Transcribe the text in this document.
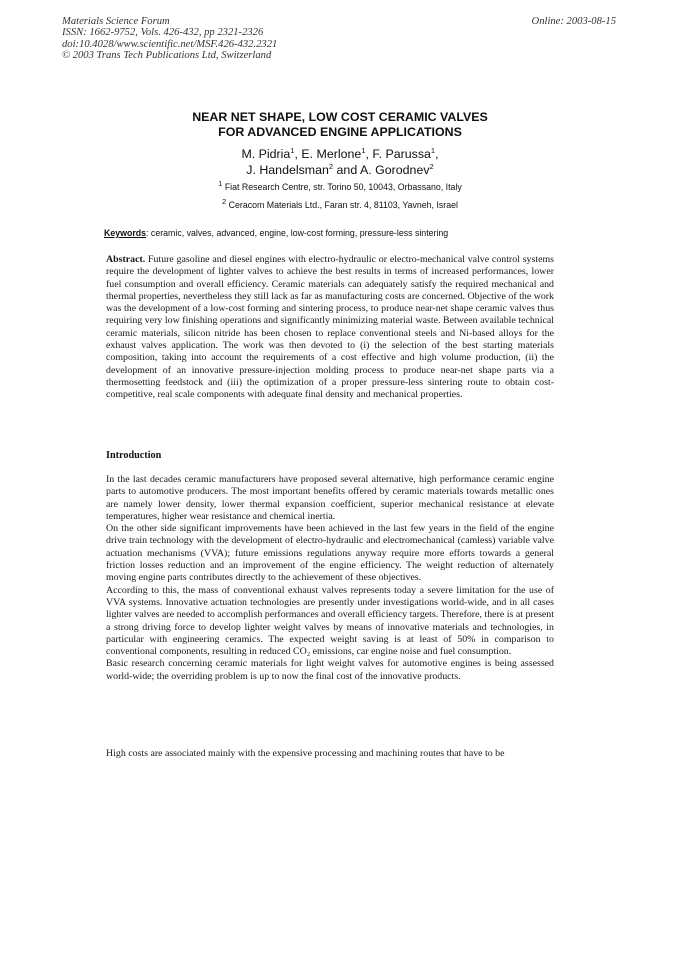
Materials Science Forum
ISSN: 1662-9752, Vols. 426-432, pp 2321-2326
doi:10.4028/www.scientific.net/MSF.426-432.2321
© 2003 Trans Tech Publications Ltd, Switzerland
Online: 2003-08-15
NEAR NET SHAPE, LOW COST CERAMIC VALVES
FOR ADVANCED ENGINE APPLICATIONS
M. Pidria$^1$, E. Merlone$^1$, F. Parussa$^1$,
J. Handelsman$^2$ and A. Gorodnev$^2$
$^1$ Fiat Research Centre, str. Torino 50, 10043, Orbassano, Italy
$^2$ Ceracom Materials Ltd., Faran str. 4, 81103, Yavneh, Israel
Keywords: ceramic, valves, advanced, engine, low-cost forming, pressure-less sintering
Abstract. Future gasoline and diesel engines with electro-hydraulic or electro-mechanical valve control systems require the development of lighter valves to achieve the best results in terms of increased performances, lower fuel consumption and overall efficiency. Ceramic materials can adequately satisfy the required mechanical and thermal properties, nevertheless they still lack as far as manufacturing costs are concerned. Objective of the work was the development of a low-cost forming and sintering process, to produce near-net shape ceramic valves thus requiring very low finishing operations and significantly minimizing material waste. Between available technical ceramic materials, silicon nitride has been chosen to replace conventional steels and Ni-based alloys for the exhaust valves application. The work was then devoted to (i) the selection of the best starting materials composition, taking into account the requirements of a cost effective and high volume production, (ii) the development of an innovative pressure-injection molding process to produce near-net shape parts via a thermosetting feedstock and (iii) the optimization of a proper pressure-less sintering route to obtain cost-competitive, real scale components with adequate final density and mechanical properties.
Introduction
In the last decades ceramic manufacturers have proposed several alternative, high performance ceramic engine parts to automotive producers. The most important benefits offered by ceramic materials towards metallic ones are namely lower density, lower thermal expansion coefficient, superior mechanical resistance at elevate temperatures, higher wear resistance and chemical inertia.
On the other side significant improvements have been achieved in the last few years in the field of the engine drive train technology with the development of electro-hydraulic and electromechanical (camless) variable valve actuation mechanisms (VVA); future emissions regulations anyway require more efforts towards a general friction losses reduction and an improvement of the engine efficiency. The weight reduction of alternately moving engine parts contributes directly to the achievement of these objectives.
According to this, the mass of conventional exhaust valves represents today a severe limitation for the use of VVA systems. Innovative actuation technologies are presently under investigations world-wide, and in all cases lighter valves are needed to accomplish performances and overall efficiency targets. Therefore, there is at present a strong driving force to develop lighter weight valves by means of innovative materials and technologies, in particular with engineering ceramics. The expected weight saving is at least of 50% in comparison to conventional components, resulting in reduced CO₂ emissions, car engine noise and fuel consumption.
Basic research concerning ceramic materials for light weight valves for automotive engines is being assessed world-wide; the overriding problem is up to now the final cost of the innovative products.
High costs are associated mainly with the expensive processing and machining routes that have to be
